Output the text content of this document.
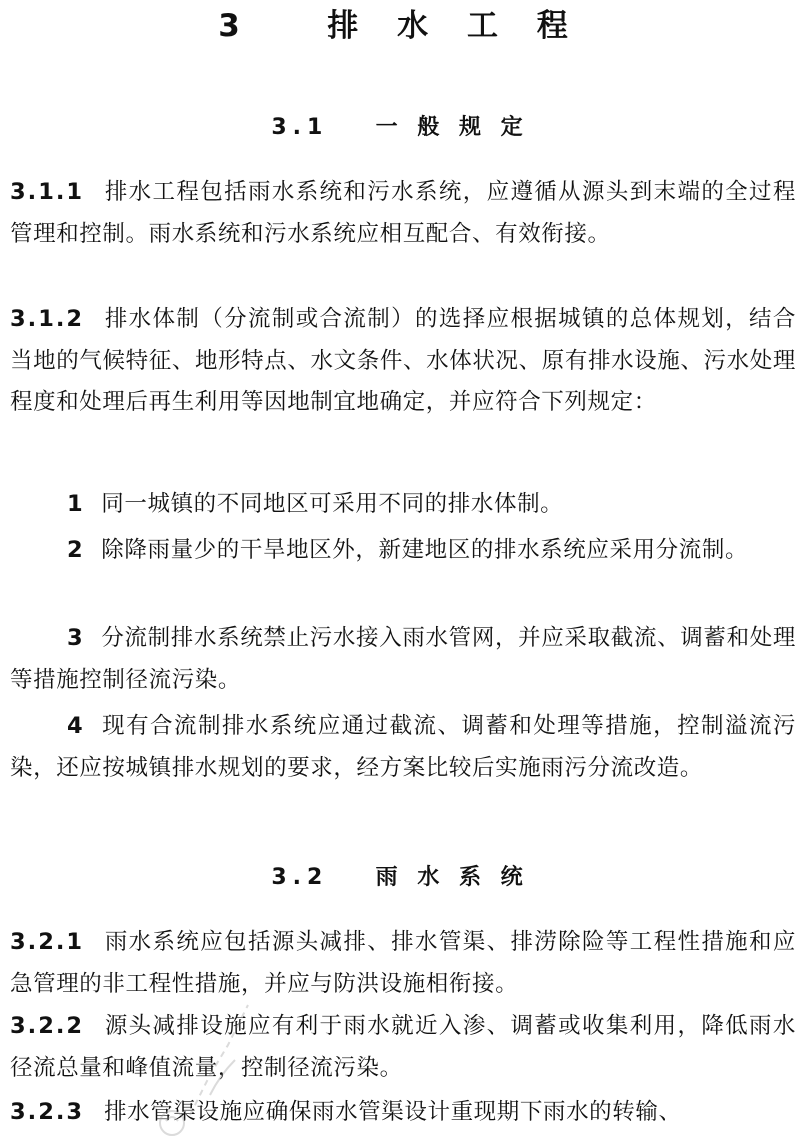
3 排 水 工 程
3.1 一 般 规 定
3.1.1 排水工程包括雨水系统和污水系统，应遵循从源头到末端的全过程管理和控制。雨水系统和污水系统应相互配合、有效衔接。
3.1.2 排水体制（分流制或合流制）的选择应根据城镇的总体规划，结合当地的气候特征、地形特点、水文条件、水体状况、原有排水设施、污水处理程度和处理后再生利用等因地制宜地确定，并应符合下列规定：
1 同一城镇的不同地区可采用不同的排水体制。
2 除降雨量少的干旱地区外，新建地区的排水系统应采用分流制。
3 分流制排水系统禁止污水接入雨水管网，并应采取截流、调蓄和处理等措施控制径流污染。
4 现有合流制排水系统应通过截流、调蓄和处理等措施，控制溢流污染，还应按城镇排水规划的要求，经方案比较后实施雨污分流改造。
3.2 雨 水 系 统
3.2.1 雨水系统应包括源头减排、排水管渠、排涝除险等工程性措施和应急管理的非工程性措施，并应与防洪设施相衔接。
3.2.2 源头减排设施应有利于雨水就近入渗、调蓄或收集利用，降低雨水径流总量和峰值流量，控制径流污染。
3.2.3 排水管渠设施应确保雨水管渠设计重现期下雨水的转输、
